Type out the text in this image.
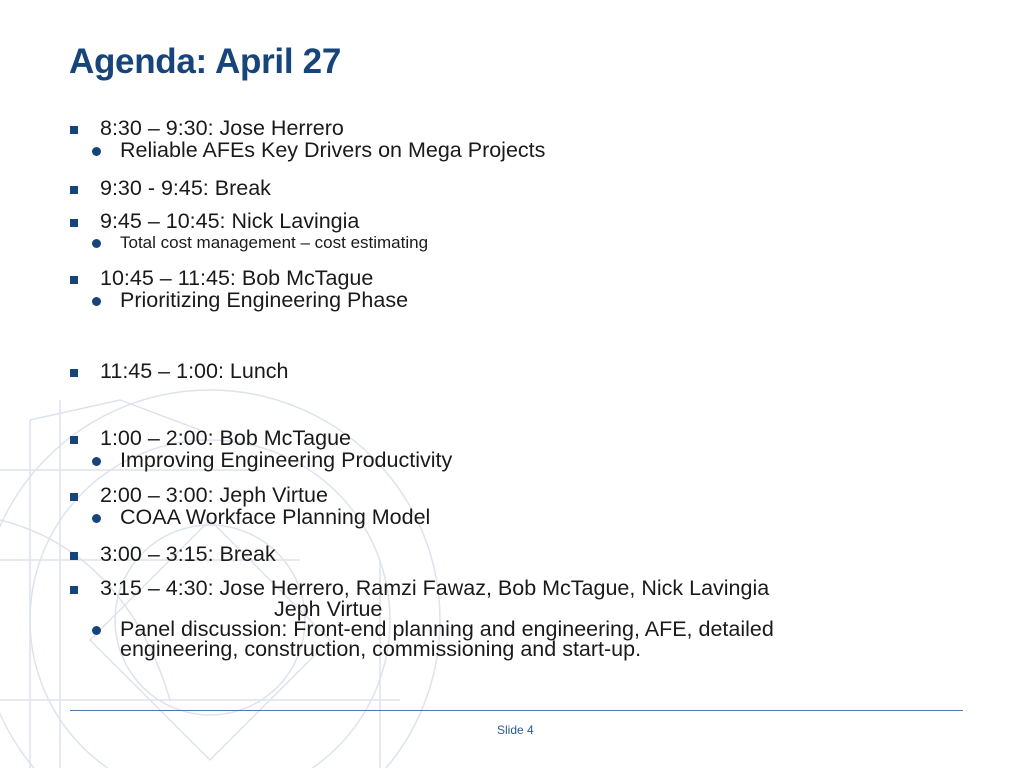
Agenda: April 27
8:30 – 9:30: Jose Herrero
Reliable AFEs Key Drivers on Mega Projects
9:30 - 9:45: Break
9:45 – 10:45: Nick Lavingia
Total cost management – cost estimating
10:45 – 11:45: Bob McTague
Prioritizing Engineering Phase
11:45 – 1:00: Lunch
1:00 – 2:00: Bob McTague
Improving Engineering Productivity
2:00 – 3:00: Jeph Virtue
COAA Workface Planning Model
3:00 – 3:15: Break
3:15 – 4:30: Jose Herrero, Ramzi Fawaz, Bob McTague, Nick Lavingia
Jeph Virtue
Panel discussion: Front-end planning and engineering, AFE, detailed
engineering, construction, commissioning and start-up.
Slide 4
